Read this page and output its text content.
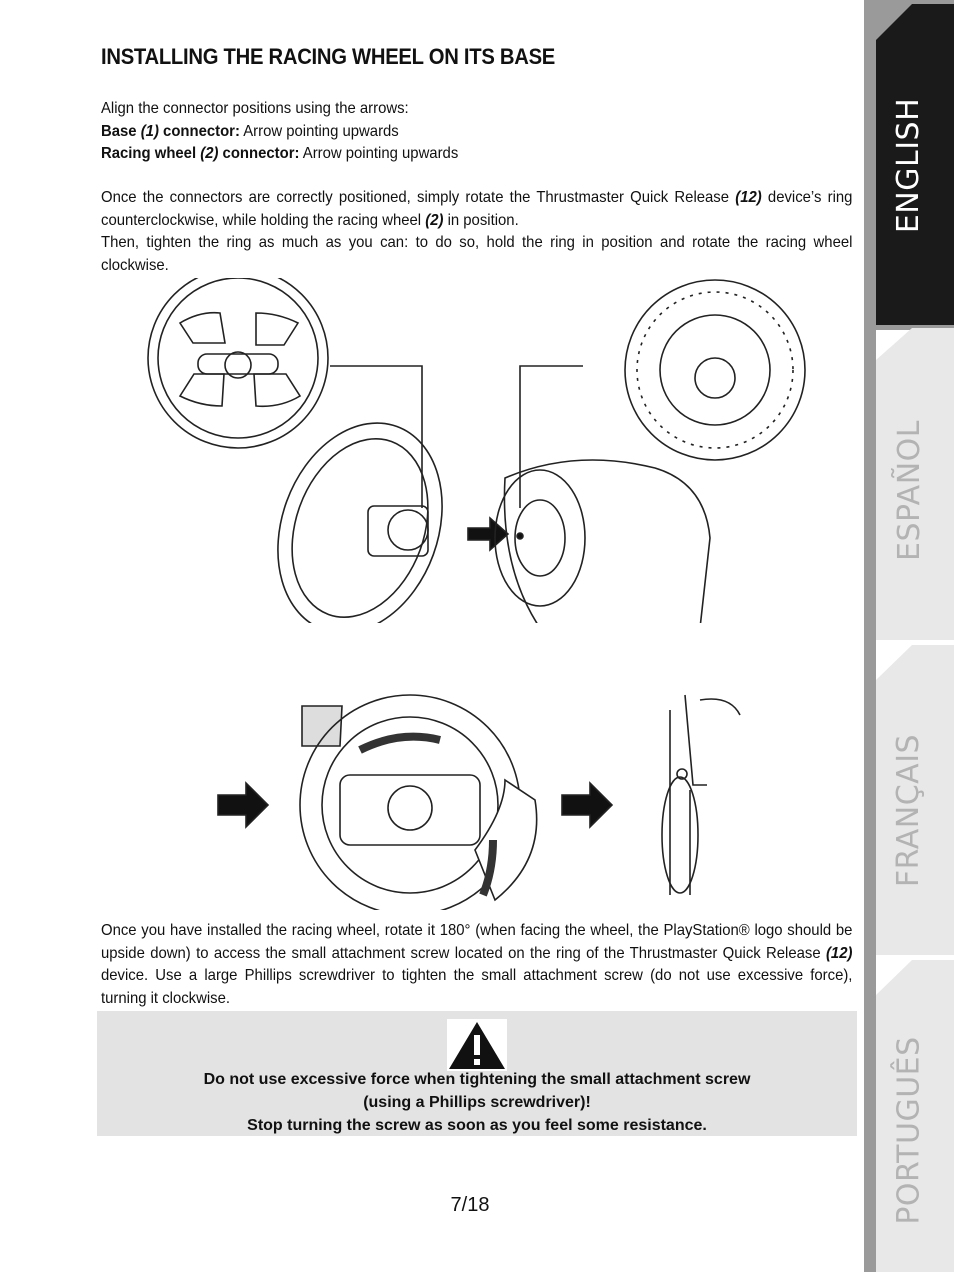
INSTALLING THE RACING WHEEL ON ITS BASE
Align the connector positions using the arrows:
Base (1) connector: Arrow pointing upwards
Racing wheel (2) connector: Arrow pointing upwards
Once the connectors are correctly positioned, simply rotate the Thrustmaster Quick Release (12) device’s ring counterclockwise, while holding the racing wheel (2) in position.
Then, tighten the ring as much as you can: to do so, hold the ring in position and rotate the racing wheel clockwise.
Once you have installed the racing wheel, rotate it 180° (when facing the wheel, the PlayStation® logo should be upside down) to access the small attachment screw located on the ring of the Thrustmaster Quick Release (12) device. Use a large Phillips screwdriver to tighten the small attachment screw (do not use excessive force), turning it clockwise.
Do not use excessive force when tightening the small attachment screw
(using a Phillips screwdriver)!
Stop turning the screw as soon as you feel some resistance.
7/18
ENGLISH
ESPAÑOL
FRANÇAIS
PORTUGUÊS
